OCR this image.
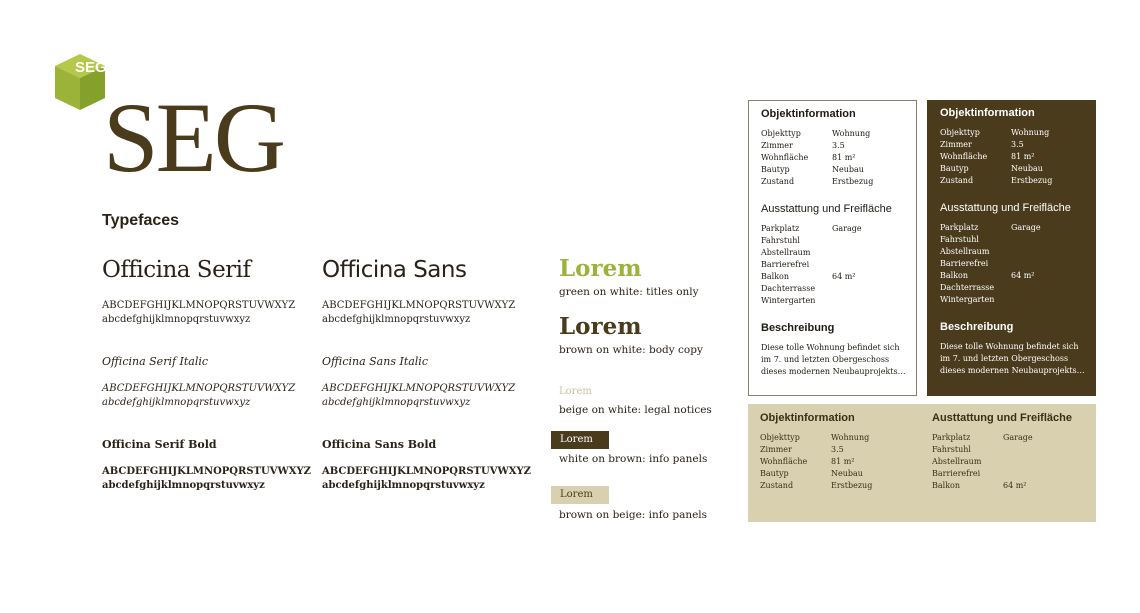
SEG
SEG
Typefaces
Officina Serif
ABCDEFGHIJKLMNOPQRSTUVWXYZ
abcdefghijklmnopqrstuvwxyz
Officina Serif Italic
ABCDEFGHIJKLMNOPQRSTUVWXYZ
abcdefghijklmnopqrstuvwxyz
Officina Serif Bold
ABCDEFGHIJKLMNOPQRSTUVWXYZ
abcdefghijklmnopqrstuvwxyz
Officina Sans
ABCDEFGHIJKLMNOPQRSTUVWXYZ
abcdefghijklmnopqrstuvwxyz
Officina Sans Italic
ABCDEFGHIJKLMNOPQRSTUVWXYZ
abcdefghijklmnopqrstuvwxyz
Officina Sans Bold
ABCDEFGHIJKLMNOPQRSTUVWXYZ
abcdefghijklmnopqrstuvwxyz
Lorem
green on white: titles only
Lorem
brown on white: body copy
Lorem
beige on white: legal notices
Lorem
white on brown: info panels
Lorem
brown on beige: info panels
Objektinformation
Objekttyp	Wohnung
Zimmer	3.5
Wohnfläche	81 m²
Bautyp	Neubau
Zustand	Erstbezug
Ausstattung und Freifläche
Parkplatz	Garage
Fahrstuhl
Abstellraum
Barrierefrei
Balkon	64 m²
Dachterrasse
Wintergarten
Beschreibung
Diese tolle Wohnung befindet sich im 7. und letzten Obergeschoss dieses modernen Neubauprojekts…
Objektinformation
Objekttyp	Wohnung
Zimmer	3.5
Wohnfläche	81 m²
Bautyp	Neubau
Zustand	Erstbezug
Ausstattung und Freifläche
Parkplatz	Garage
Fahrstuhl
Abstellraum
Barrierefrei
Balkon	64 m²
Dachterrasse
Wintergarten
Beschreibung
Diese tolle Wohnung befindet sich im 7. und letzten Obergeschoss dieses modernen Neubauprojekts…
Objektinformation
Objekttyp	Wohnung
Zimmer	3.5
Wohnfläche	81 m²
Bautyp	Neubau
Zustand	Erstbezug
Austtattung und Freifläche
Parkplatz	Garage
Fahrstuhl
Abstellraum
Barrierefrei
Balkon	64 m²
